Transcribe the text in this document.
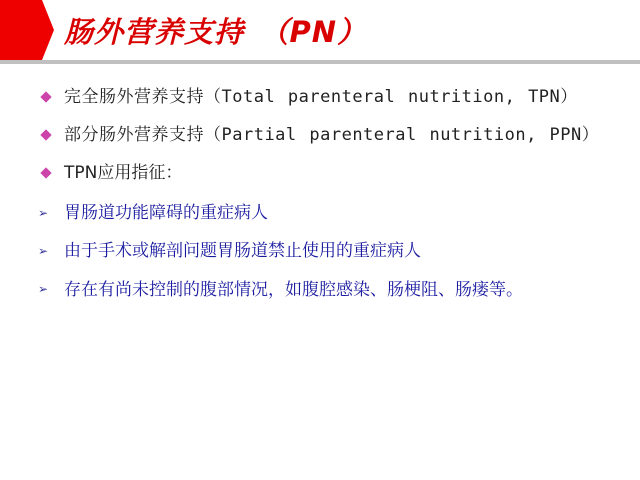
肠外营养支持　（PN）
完全肠外营养支持（Total parenteral nutrition, TPN）
部分肠外营养支持（Partial parenteral nutrition, PPN）
TPN应用指征：
➢ 胃肠道功能障碍的重症病人
➢ 由于手术或解剖问题胃肠道禁止使用的重症病人
➢ 存在有尚未控制的腹部情况，如腹腔感染、肠梗阻、肠瘘等。
